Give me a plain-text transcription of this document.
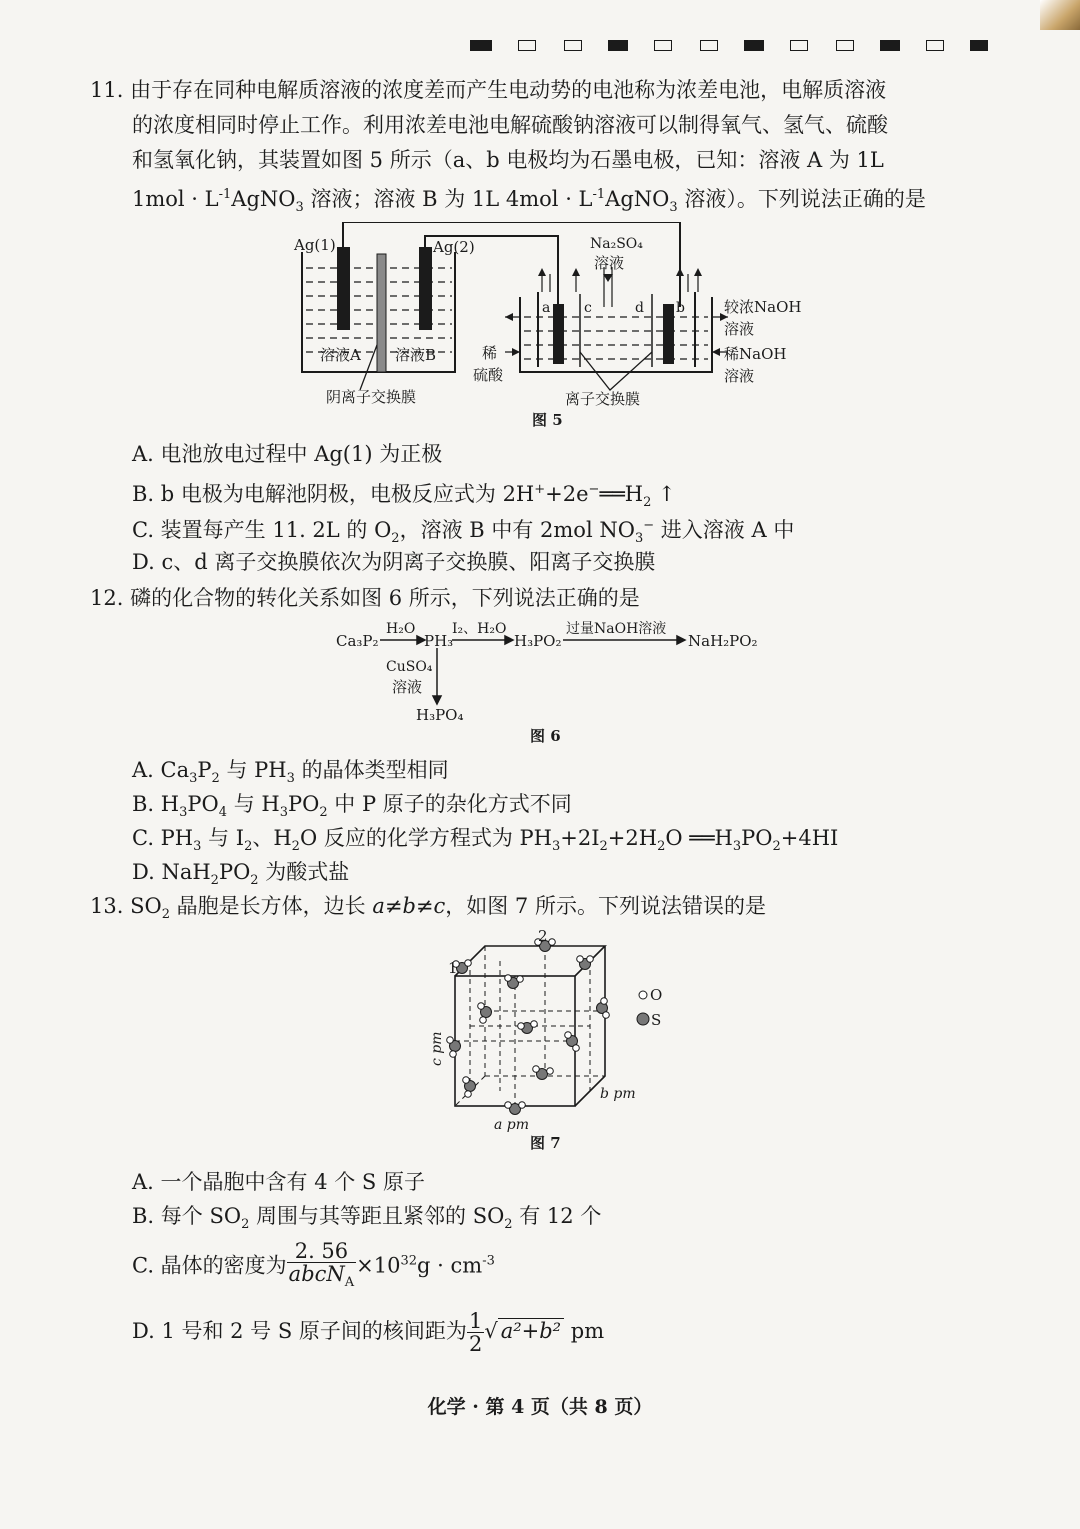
11. 由于存在同种电解质溶液的浓度差而产生电动势的电池称为浓差电池，电解质溶液
的浓度相同时停止工作。利用浓差电池电解硫酸钠溶液可以制得氧气、氢气、硫酸
和氢氧化钠，其装置如图 5 所示（a、b 电极均为石墨电极，已知：溶液 A 为 1L
$1mol \cdot L^{-1}AgNO_3$ 溶液；溶液 B 为 1L $4mol \cdot L^{-1}AgNO_3$ 溶液）。下列说法正确的是
Ag(1)	Ag(2)	Na₂SO₄
溶液
溶液A 溶液B
阴离子交换膜	离子交换膜
a c	d b
稀
硫酸
较浓NaOH
溶液
稀NaOH
溶液
图 5
A. 电池放电过程中 Ag(1) 为正极
B. b 电极为电解池阴极，电极反应式为 $2H^++2e^-══H_2$ ↑
C. 装置每产生 11. 2L 的 $O_2$，溶液 B 中有 2mol $NO_3^-$ 进入溶液 A 中
D. c、d 离子交换膜依次为阴离子交换膜、阳离子交换膜
12. 磷的化合物的转化关系如图 6 所示，下列说法正确的是
Ca₃P₂
H₂O
PH₃
I₂、H₂O
H₃PO₂
过量NaOH溶液
NaH₂PO₂
CuSO₄
溶液
H₃PO₄
图 6
A. $Ca_3P_2$ 与 $PH_3$ 的晶体类型相同
B. $H_3PO_4$ 与 $H_3PO_2$ 中 P 原子的杂化方式不同
C. $PH_3$ 与 $I_2$、$H_2O$ 反应的化学方程式为 $PH_3+2I_2+2H_2O$ $══H_3PO_2+4HI$
D. $NaH_2PO_2$ 为酸式盐
13. $SO_2$ 晶胞是长方体，边长 a≠b≠c，如图 7 所示。下列说法错误的是
1
2
O
S
c pm
b pm
a pm
图 7
A. 一个晶胞中含有 4 个 S 原子
B. 每个 $SO_2$ 周围与其等距且紧邻的 $SO_2$ 有 12 个
C. 晶体的密度为 $\frac{2. 56}{abcN_A} \times 10^{32}g \cdot cm^{-3}$
D. 1 号和 2 号 S 原子间的核间距为 $\frac{1}{2}$ √ a²+b² pm
化学 · 第 4 页（共 8 页）
